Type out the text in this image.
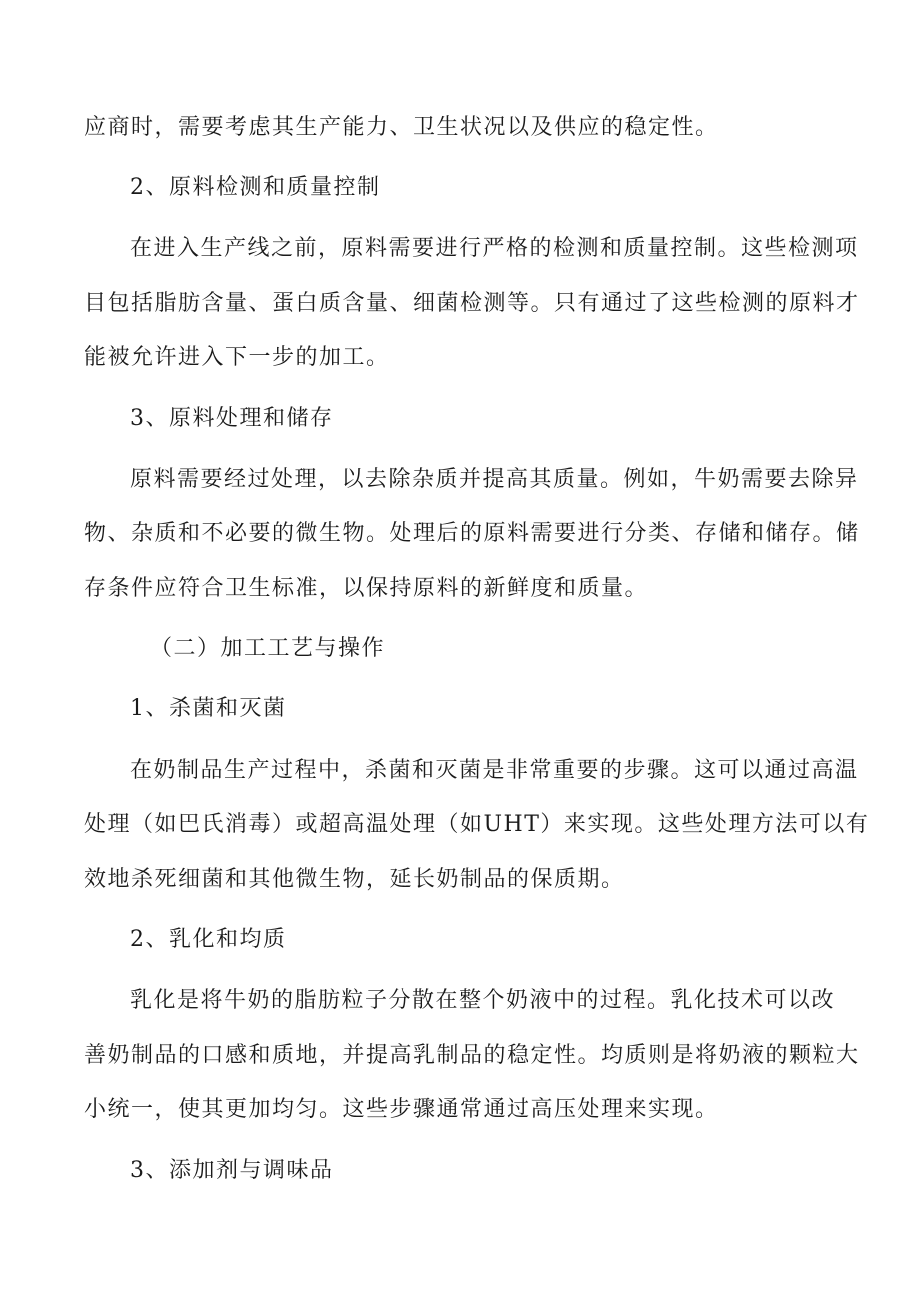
应商时，需要考虑其生产能力、卫生状况以及供应的稳定性。
2、原料检测和质量控制
在进入生产线之前，原料需要进行严格的检测和质量控制。这些检测项
目包括脂肪含量、蛋白质含量、细菌检测等。只有通过了这些检测的原料才
能被允许进入下一步的加工。
3、原料处理和储存
原料需要经过处理，以去除杂质并提高其质量。例如，牛奶需要去除异
物、杂质和不必要的微生物。处理后的原料需要进行分类、存储和储存。储
存条件应符合卫生标准，以保持原料的新鲜度和质量。
（二）加工工艺与操作
1、杀菌和灭菌
在奶制品生产过程中，杀菌和灭菌是非常重要的步骤。这可以通过高温
处理（如巴氏消毒）或超高温处理（如UHT）来实现。这些处理方法可以有
效地杀死细菌和其他微生物，延长奶制品的保质期。
2、乳化和均质
乳化是将牛奶的脂肪粒子分散在整个奶液中的过程。乳化技术可以改
善奶制品的口感和质地，并提高乳制品的稳定性。均质则是将奶液的颗粒大
小统一，使其更加均匀。这些步骤通常通过高压处理来实现。
3、添加剂与调味品
